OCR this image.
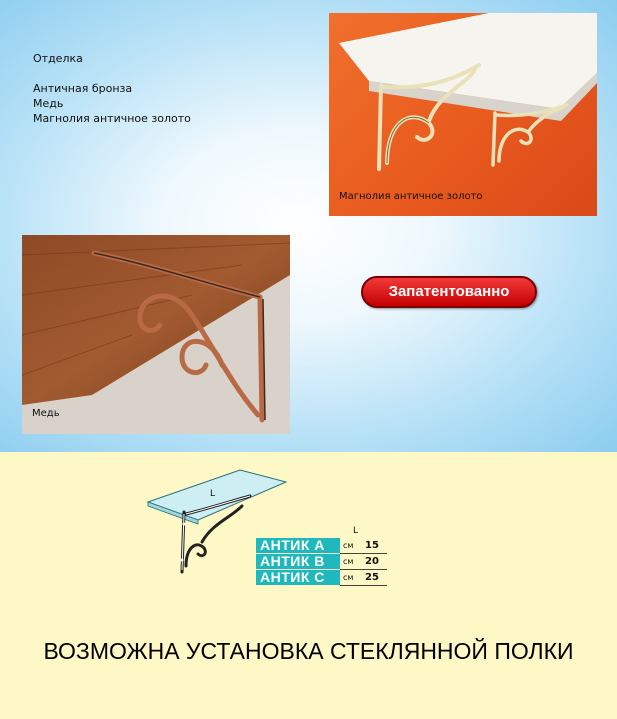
Отделка
Античная бронза
Медь
Магнолия античное золото
Магнолия античное золото
Медь
Запатентованно
L
L
АНТИК А	см	15
АНТИК В	см	20
АНТИК С	см	25
ВОЗМОЖНА УСТАНОВКА СТЕКЛЯННОЙ ПОЛКИ
